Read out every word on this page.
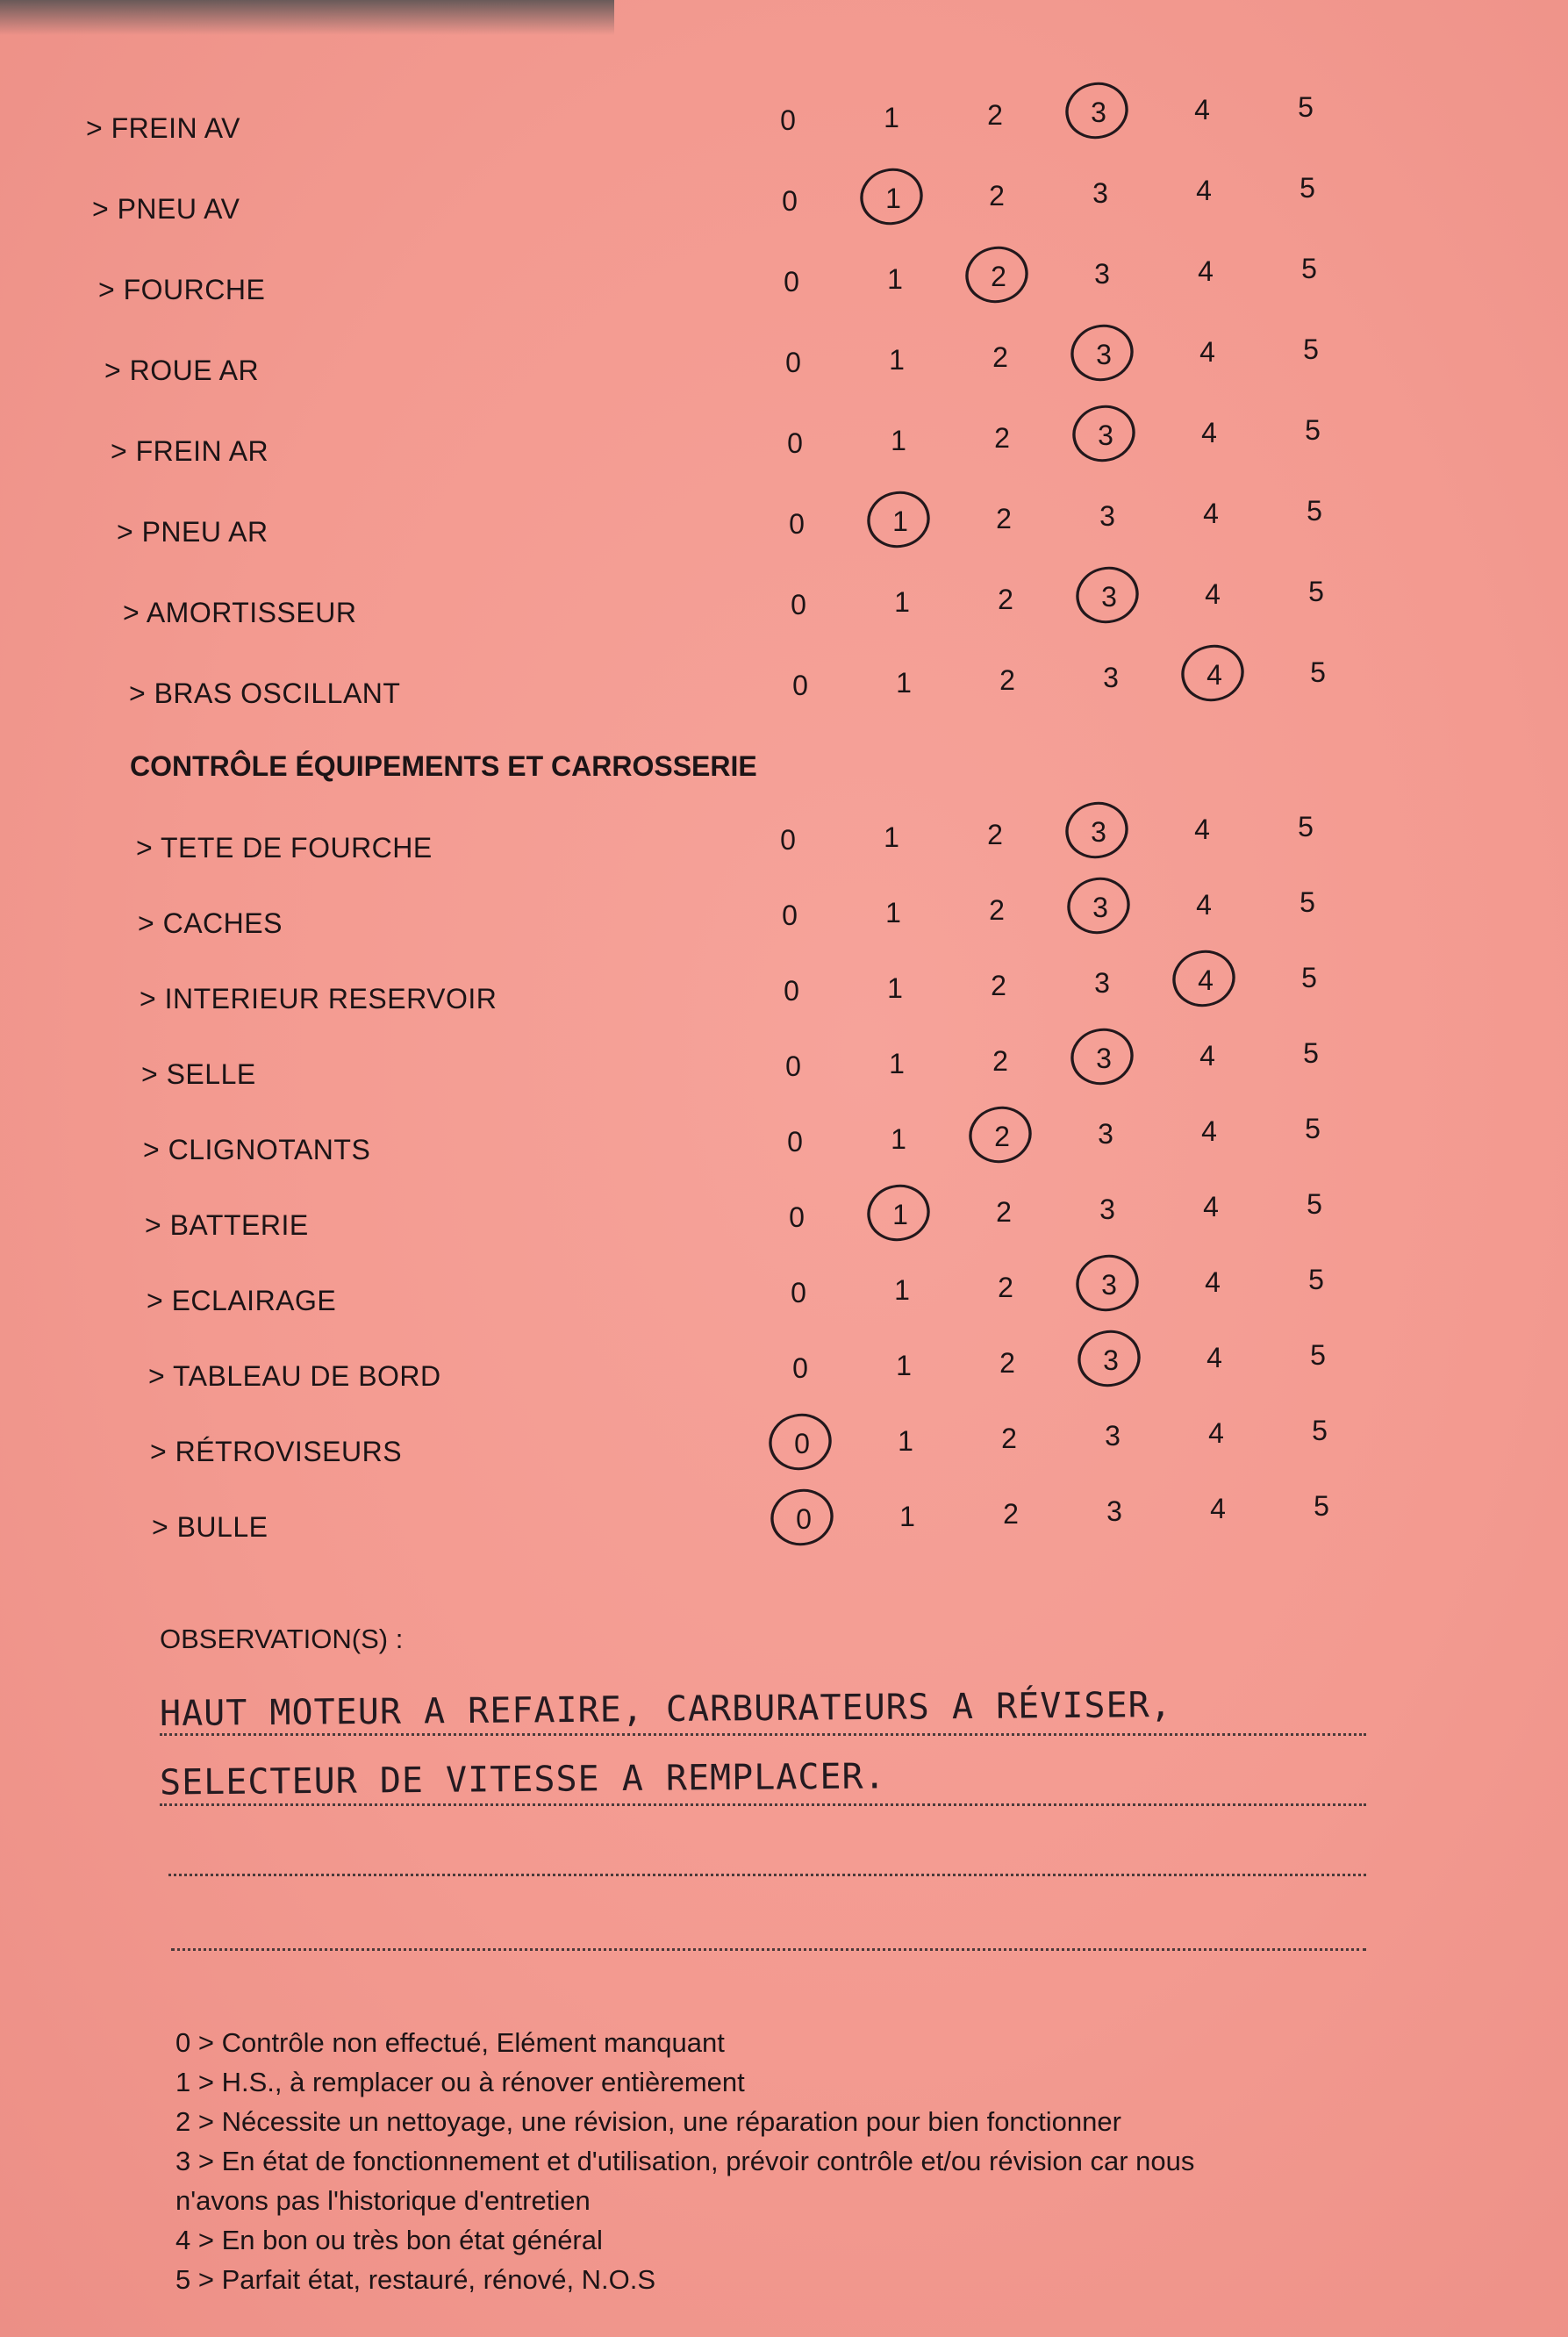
> FREIN AV	0	1	2	3	4	5
> PNEU AV	0	1	2	3	4	5
> FOURCHE	0	1	2	3	4	5
> ROUE AR	0	1	2	3	4	5
> FREIN AR	0	1	2	3	4	5
> PNEU AR	0	1	2	3	4	5
> AMORTISSEUR	0	1	2	3	4	5
> BRAS OSCILLANT	0	1	2	3	4	5
> TETE DE FOURCHE	0	1	2	3	4	5
> CACHES	0	1	2	3	4	5
> INTERIEUR RESERVOIR	0	1	2	3	4	5
> SELLE	0	1	2	3	4	5
> CLIGNOTANTS	0	1	2	3	4	5
> BATTERIE	0	1	2	3	4	5
> ECLAIRAGE	0	1	2	3	4	5
> TABLEAU DE BORD	0	1	2	3	4	5
> RÉTROVISEURS	0	1	2	3	4	5
> BULLE	0	1	2	3	4	5
CONTRÔLE ÉQUIPEMENTS ET CARROSSERIE
OBSERVATION(S) :
HAUT MOTEUR A REFAIRE, CARBURATEURS A RÉVISER,
SELECTEUR DE VITESSE A REMPLACER.
0 > Contrôle non effectué, Elément manquant
1 > H.S., à remplacer ou à rénover entièrement
2 > Nécessite un nettoyage, une révision, une réparation pour bien fonctionner
3 > En état de fonctionnement et d'utilisation, prévoir contrôle et/ou révision car nous
n'avons pas l'historique d'entretien
4 > En bon ou très bon état général
5 > Parfait état, restauré, rénové, N.O.S
